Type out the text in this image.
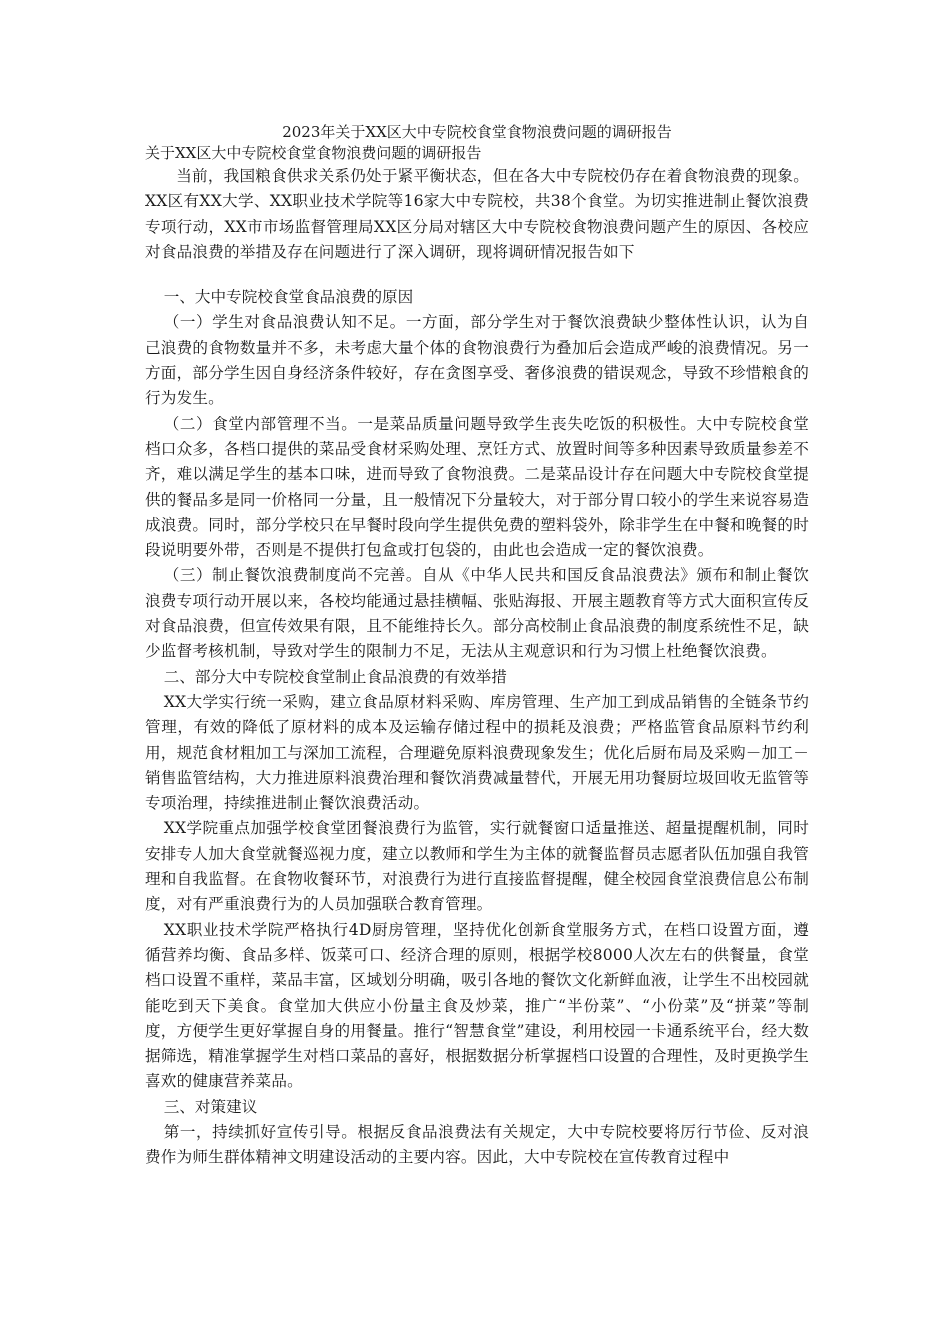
2023年关于XX区大中专院校食堂食物浪费问题的调研报告
关于XX区大中专院校食堂食物浪费问题的调研报告

当前，我国粮食供求关系仍处于紧平衡状态，但在各大中专院校仍存在着食物浪费的现象。XX区有XX大学、XX职业技术学院等16家大中专院校，共38个食堂。为切实推进制止餐饮浪费专项行动，XX市市场监督管理局XX区分局对辖区大中专院校食物浪费问题产生的原因、各校应对食品浪费的举措及存在问题进行了深入调研，现将调研情况报告如下

一、大中专院校食堂食品浪费的原因

（一）学生对食品浪费认知不足。一方面，部分学生对于餐饮浪费缺少整体性认识，认为自己浪费的食物数量并不多，未考虑大量个体的食物浪费行为叠加后会造成严峻的浪费情况。另一方面，部分学生因自身经济条件较好，存在贪图享受、奢侈浪费的错误观念，导致不珍惜粮食的行为发生。

（二）食堂内部管理不当。一是菜品质量问题导致学生丧失吃饭的积极性。大中专院校食堂档口众多，各档口提供的菜品受食材采购处理、烹饪方式、放置时间等多种因素导致质量参差不齐，难以满足学生的基本口味，进而导致了食物浪费。二是菜品设计存在问题大中专院校食堂提供的餐品多是同一价格同一分量，且一般情况下分量较大，对于部分胃口较小的学生来说容易造成浪费。同时，部分学校只在早餐时段向学生提供免费的塑料袋外，除非学生在中餐和晚餐的时段说明要外带，否则是不提供打包盒或打包袋的，由此也会造成一定的餐饮浪费。

（三）制止餐饮浪费制度尚不完善。自从《中华人民共和国反食品浪费法》颁布和制止餐饮浪费专项行动开展以来，各校均能通过悬挂横幅、张贴海报、开展主题教育等方式大面积宣传反对食品浪费，但宣传效果有限，且不能维持长久。部分高校制止食品浪费的制度系统性不足，缺少监督考核机制，导致对学生的限制力不足，无法从主观意识和行为习惯上杜绝餐饮浪费。

二、部分大中专院校食堂制止食品浪费的有效举措

XX大学实行统一采购，建立食品原材料采购、库房管理、生产加工到成品销售的全链条节约管理，有效的降低了原材料的成本及运输存储过程中的损耗及浪费；严格监管食品原料节约利用，规范食材粗加工与深加工流程，合理避免原料浪费现象发生；优化后厨布局及采购－加工－销售监管结构，大力推进原料浪费治理和餐饮消费减量替代，开展无用功餐厨垃圾回收无监管等专项治理，持续推进制止餐饮浪费活动。

XX学院重点加强学校食堂团餐浪费行为监管，实行就餐窗口适量推送、超量提醒机制，同时安排专人加大食堂就餐巡视力度，建立以教师和学生为主体的就餐监督员志愿者队伍加强自我管理和自我监督。在食物收餐环节，对浪费行为进行直接监督提醒，健全校园食堂浪费信息公布制度，对有严重浪费行为的人员加强联合教育管理。

XX职业技术学院严格执行4D厨房管理，坚持优化创新食堂服务方式，在档口设置方面，遵循营养均衡、食品多样、饭菜可口、经济合理的原则，根据学校8000人次左右的供餐量，食堂档口设置不重样，菜品丰富，区域划分明确，吸引各地的餐饮文化新鲜血液，让学生不出校园就能吃到天下美食。食堂加大供应小份量主食及炒菜，推广“半份菜”、“小份菜”及“拼菜”等制度，方便学生更好掌握自身的用餐量。推行“智慧食堂”建设，利用校园一卡通系统平台，经大数据筛选，精准掌握学生对档口菜品的喜好，根据数据分析掌握档口设置的合理性，及时更换学生喜欢的健康营养菜品。

三、对策建议

第一，持续抓好宣传引导。根据反食品浪费法有关规定，大中专院校要将厉行节俭、反对浪费作为师生群体精神文明建设活动的主要内容。因此，大中专院校在宣传教育过程中
